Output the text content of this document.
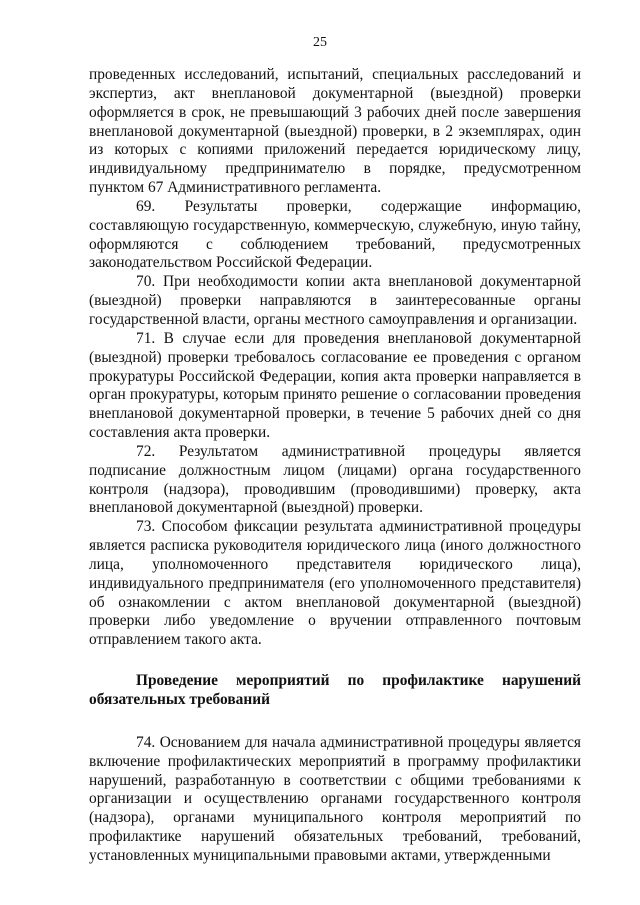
25

проведенных исследований, испытаний, специальных расследований и экспертиз, акт внеплановой документарной (выездной) проверки оформляется в срок, не превышающий 3 рабочих дней после завершения внеплановой документарной (выездной) проверки, в 2 экземплярах, один из которых с копиями приложений передается юридическому лицу, индивидуальному предпринимателю в порядке, предусмотренном пунктом 67 Административного регламента.

69. Результаты проверки, содержащие информацию, составляющую государственную, коммерческую, служебную, иную тайну, оформляются с соблюдением требований, предусмотренных законодательством Российской Федерации.

70. При необходимости копии акта внеплановой документарной (выездной) проверки направляются в заинтересованные органы государственной власти, органы местного самоуправления и организации.

71. В случае если для проведения внеплановой документарной (выездной) проверки требовалось согласование ее проведения с органом прокуратуры Российской Федерации, копия акта проверки направляется в орган прокуратуры, которым принято решение о согласовании проведения внеплановой документарной проверки, в течение 5 рабочих дней со дня составления акта проверки.

72. Результатом административной процедуры является подписание должностным лицом (лицами) органа государственного контроля (надзора), проводившим (проводившими) проверку, акта внеплановой документарной (выездной) проверки.

73. Способом фиксации результата административной процедуры является расписка руководителя юридического лица (иного должностного лица, уполномоченного представителя юридического лица), индивидуального предпринимателя (его уполномоченного представителя) об ознакомлении с актом внеплановой документарной (выездной) проверки либо уведомление о вручении отправленного почтовым отправлением такого акта.

Проведение мероприятий по профилактике нарушений обязательных требований

74. Основанием для начала административной процедуры является включение профилактических мероприятий в программу профилактики нарушений, разработанную в соответствии с общими требованиями к организации и осуществлению органами государственного контроля (надзора), органами муниципального контроля мероприятий по профилактике нарушений обязательных требований, требований, установленных муниципальными правовыми актами, утвержденными
